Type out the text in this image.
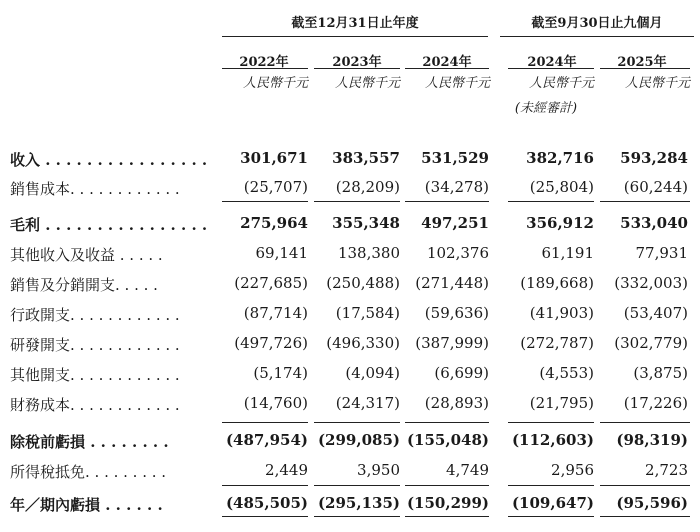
截至12月31日止年度	截至9月30日止九個月
2022年	2023年	2024年	2024年	2025年
人民幣千元	人民幣千元	人民幣千元	人民幣千元	人民幣千元
(未經審計)
收入 . . . . . . . . . . . . . . . . 301,671 383,557 531,529 382,716 593,284
銷售成本. . . . . . . . . . . .	(25,707) (28,209) (34,278)	(25,804) (60,244)
毛利 . . . . . . . . . . . . . . . . 275,964 355,348 497,251 356,912 533,040
其他收入及收益 . . . . .	69,141 138,380 102,376	61,191	77,931
銷售及分銷開支. . . . .	(227,685) (250,488) (271,448) (189,668) (332,003)
行政開支. . . . . . . . . . . .	(87,714) (17,584) (59,636)	(41,903) (53,407)
研發開支. . . . . . . . . . . .	(497,726) (496,330) (387,999) (272,787) (302,779)
其他開支. . . . . . . . . . . .	(5,174) (4,094) (6,699)	(4,553)	(3,875)
財務成本. . . . . . . . . . . .	(14,760) (24,317) (28,893)	(21,795) (17,226)
除稅前虧損 . . . . . . . .	(487,954) (299,085) (155,048) (112,603) (98,319)
所得稅抵免. . . . . . . . .	2,449	3,950	4,749	2,956	2,723
年／期內虧損 . . . . . .	(485,505) (295,135) (150,299) (109,647) (95,596)
